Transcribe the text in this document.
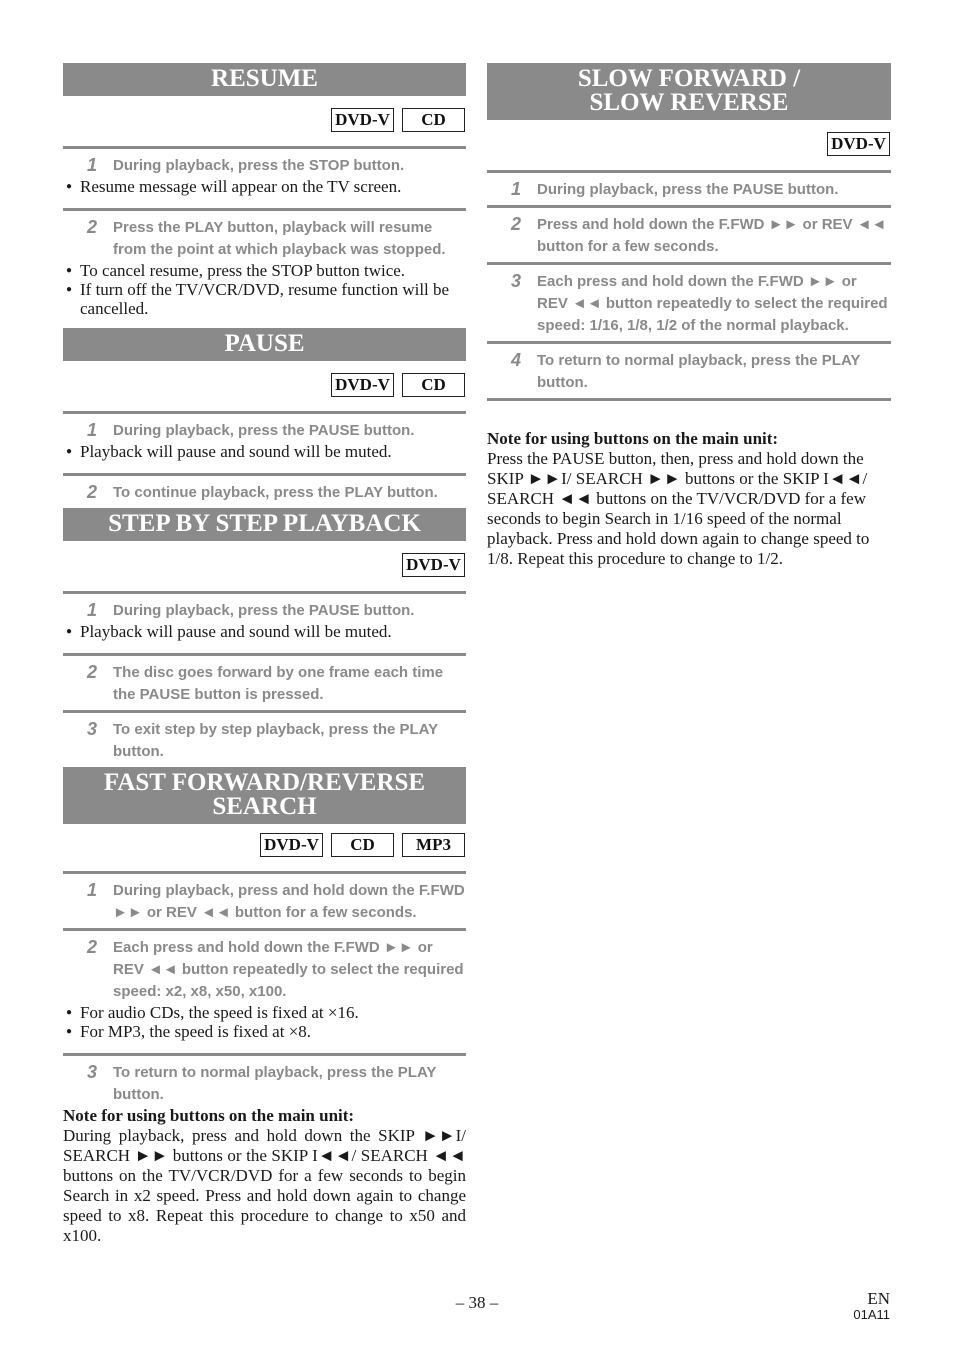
RESUME
DVD-V CD
1	During playback, press the STOP button.
● Resume message will appear on the TV screen.
2	Press the PLAY button, playback will resume from the point at which playback was stopped.
● To cancel resume, press the STOP button twice.
● If turn off the TV/VCR/DVD, resume function will be cancelled.
PAUSE
DVD-V CD
1	During playback, press the PAUSE button.
● Playback will pause and sound will be muted.
2	To continue playback, press the PLAY button.
STEP BY STEP PLAYBACK
DVD-V
1	During playback, press the PAUSE button.
● Playback will pause and sound will be muted.
2	The disc goes forward by one frame each time the PAUSE button is pressed.
3	To exit step by step playback, press the PLAY button.
FAST FORWARD/REVERSE
SEARCH
DVD-V CD MP3
1	During playback, press and hold down the F.FWD ►► or REV ◄◄ button for a few seconds.
2	Each press and hold down the F.FWD ►► or REV ◄◄ button repeatedly to select the required speed: x2, x8, x50, x100.
● For audio CDs, the speed is fixed at ×16.
● For MP3, the speed is fixed at ×8.
3	To return to normal playback, press the PLAY button.
Note for using buttons on the main unit:
During playback, press and hold down the SKIP ►►I/ SEARCH ►► buttons or the SKIP I◄◄/ SEARCH ◄◄ buttons on the TV/VCR/DVD for a few seconds to begin Search in x2 speed. Press and hold down again to change speed to x8. Repeat this procedure to change to x50 and x100.
SLOW FORWARD /
SLOW REVERSE
DVD-V
1	During playback, press the PAUSE button.
2	Press and hold down the F.FWD ►► or REV ◄◄ button for a few seconds.
3	Each press and hold down the F.FWD ►► or REV ◄◄ button repeatedly to select the required speed: 1/16, 1/8, 1/2 of the normal playback.
4	To return to normal playback, press the PLAY button.
Note for using buttons on the main unit:
Press the PAUSE button, then, press and hold down the SKIP ►►I/ SEARCH ►► buttons or the SKIP I◄◄/ SEARCH ◄◄ buttons on the TV/VCR/DVD for a few seconds to begin Search in 1/16 speed of the normal playback. Press and hold down again to change speed to 1/8. Repeat this procedure to change to 1/2.
– 38 –	EN
01A11
